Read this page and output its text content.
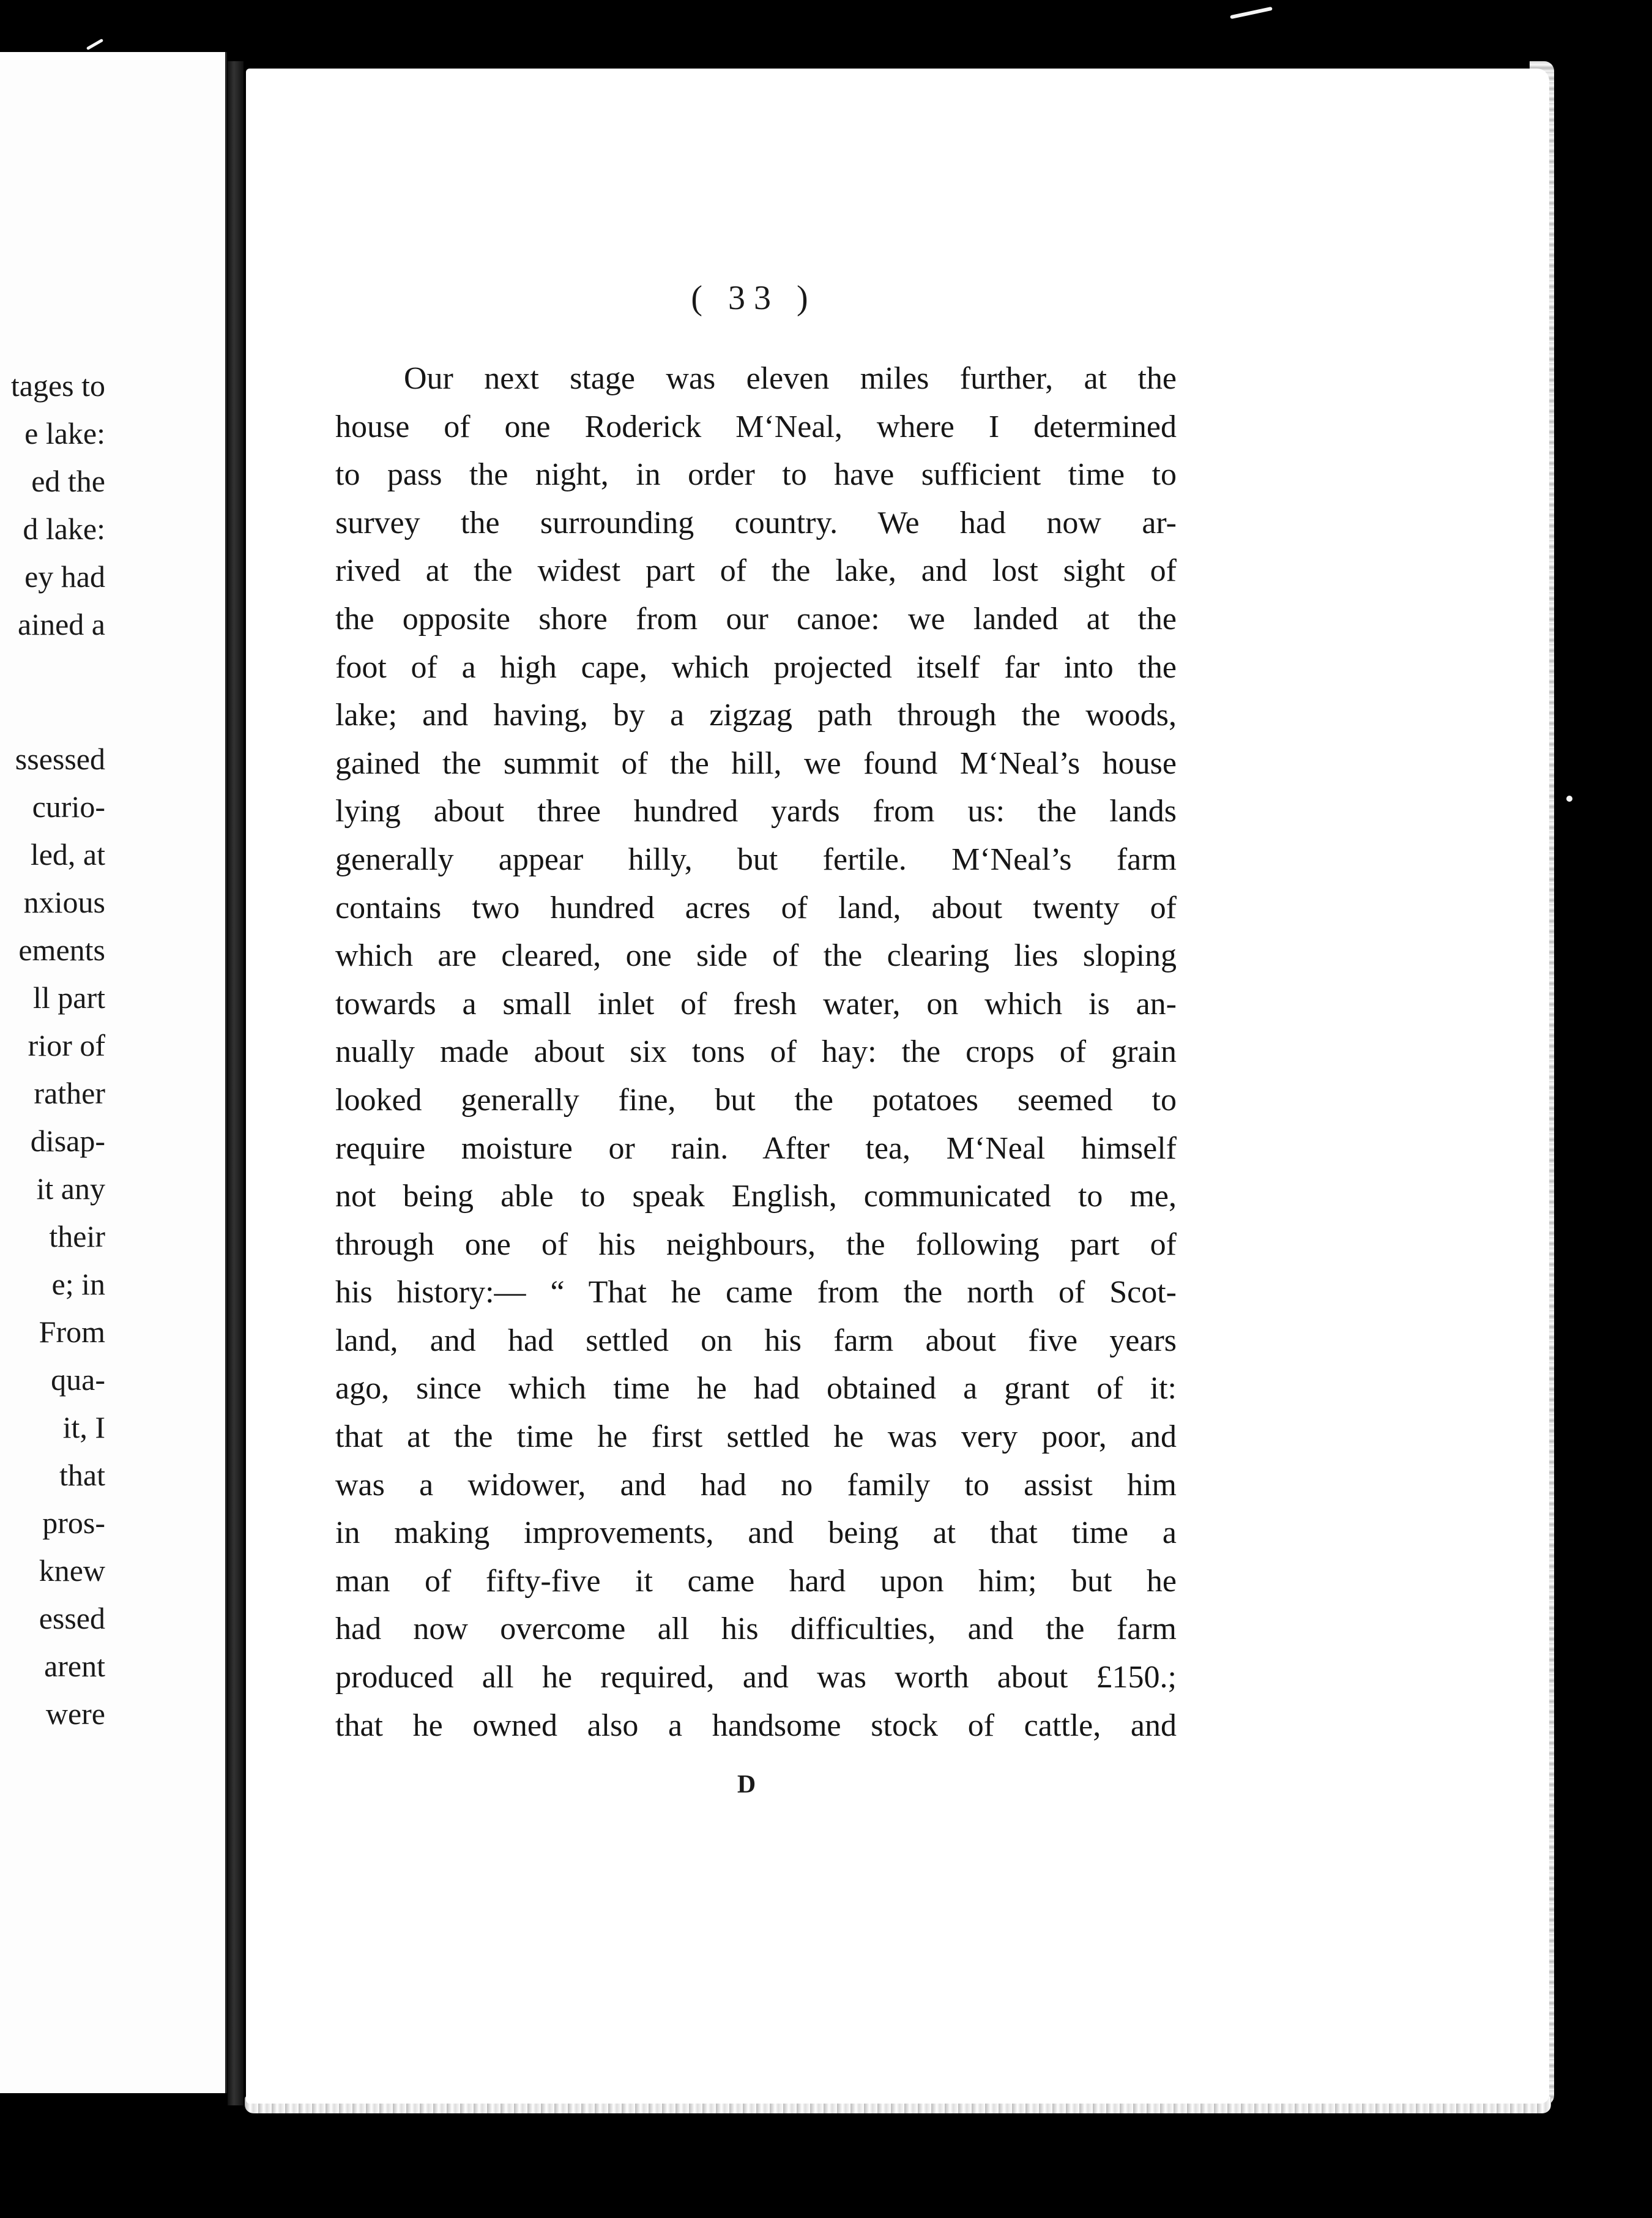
tages to
e lake:
ed the
d lake:
ey had
ained a
ssessed
curio-
led, at
nxious
ements
ll part
rior of
rather
disap-
it any
their
e; in
From
qua-
it, I
that
pros-
knew
essed
arent
were
( 33 )
Our next stage was eleven miles further, at the
house of one Roderick M‘Neal, where I determined
to pass the night, in order to have sufficient time to
survey the surrounding country. We had now ar-
rived at the widest part of the lake, and lost sight of
the opposite shore from our canoe: we landed at the
foot of a high cape, which projected itself far into the
lake; and having, by a zigzag path through the woods,
gained the summit of the hill, we found M‘Neal’s house
lying about three hundred yards from us: the lands
generally appear hilly, but fertile. M‘Neal’s farm
contains two hundred acres of land, about twenty of
which are cleared, one side of the clearing lies sloping
towards a small inlet of fresh water, on which is an-
nually made about six tons of hay: the crops of grain
looked generally fine, but the potatoes seemed to
require moisture or rain. After tea, M‘Neal himself
not being able to speak English, communicated to me,
through one of his neighbours, the following part of
his history:— “ That he came from the north of Scot-
land, and had settled on his farm about five years
ago, since which time he had obtained a grant of it:
that at the time he first settled he was very poor, and
was a widower, and had no family to assist him
in making improvements, and being at that time a
man of fifty-five it came hard upon him; but he
had now overcome all his difficulties, and the farm
produced all he required, and was worth about £150.;
that he owned also a handsome stock of cattle, and
D
